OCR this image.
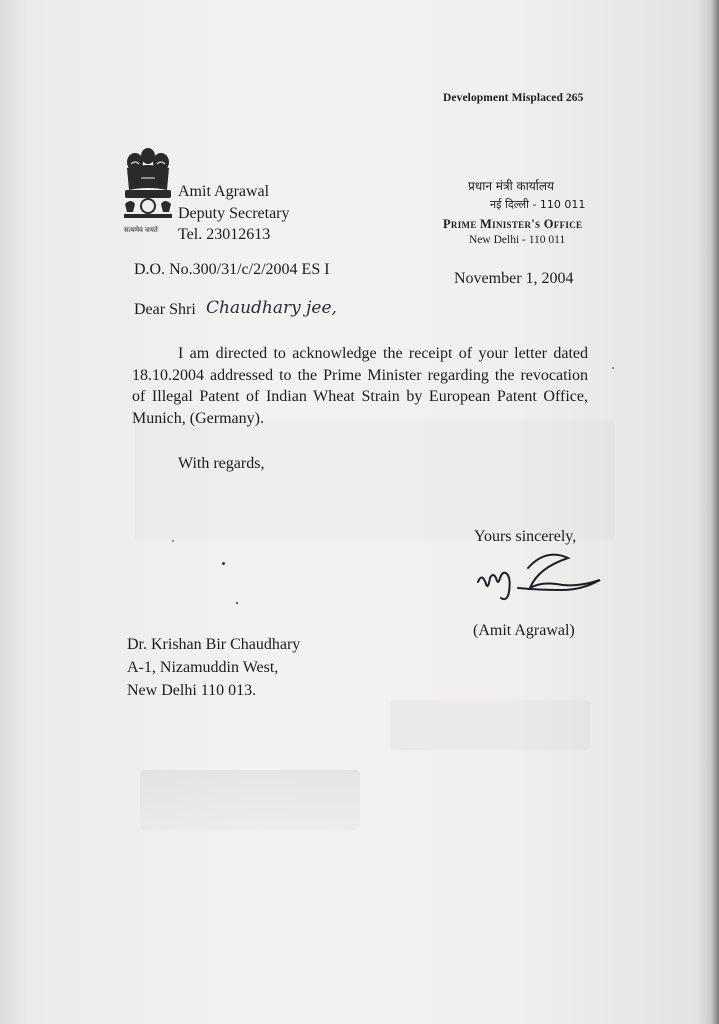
Development Misplaced 265
सत्यमेव जयते
Amit Agrawal
Deputy Secretary
Tel. 23012613
प्रधान मंत्री कार्यालय
नई दिल्ली - 110 011
Prime Minister's Office
New Delhi - 110 011
D.O. No.300/31/c/2/2004 ES I
November 1, 2004
Dear Shri Chaudhary jee,
I am directed to acknowledge the receipt of your letter dated 18.10.2004 addressed to the Prime Minister regarding the revocation of Illegal Patent of Indian Wheat Strain by European Patent Office, Munich, (Germany).
With regards,
Yours sincerely,
(Amit Agrawal)
Dr. Krishan Bir Chaudhary
A-1, Nizamuddin West,
New Delhi 110 013.
